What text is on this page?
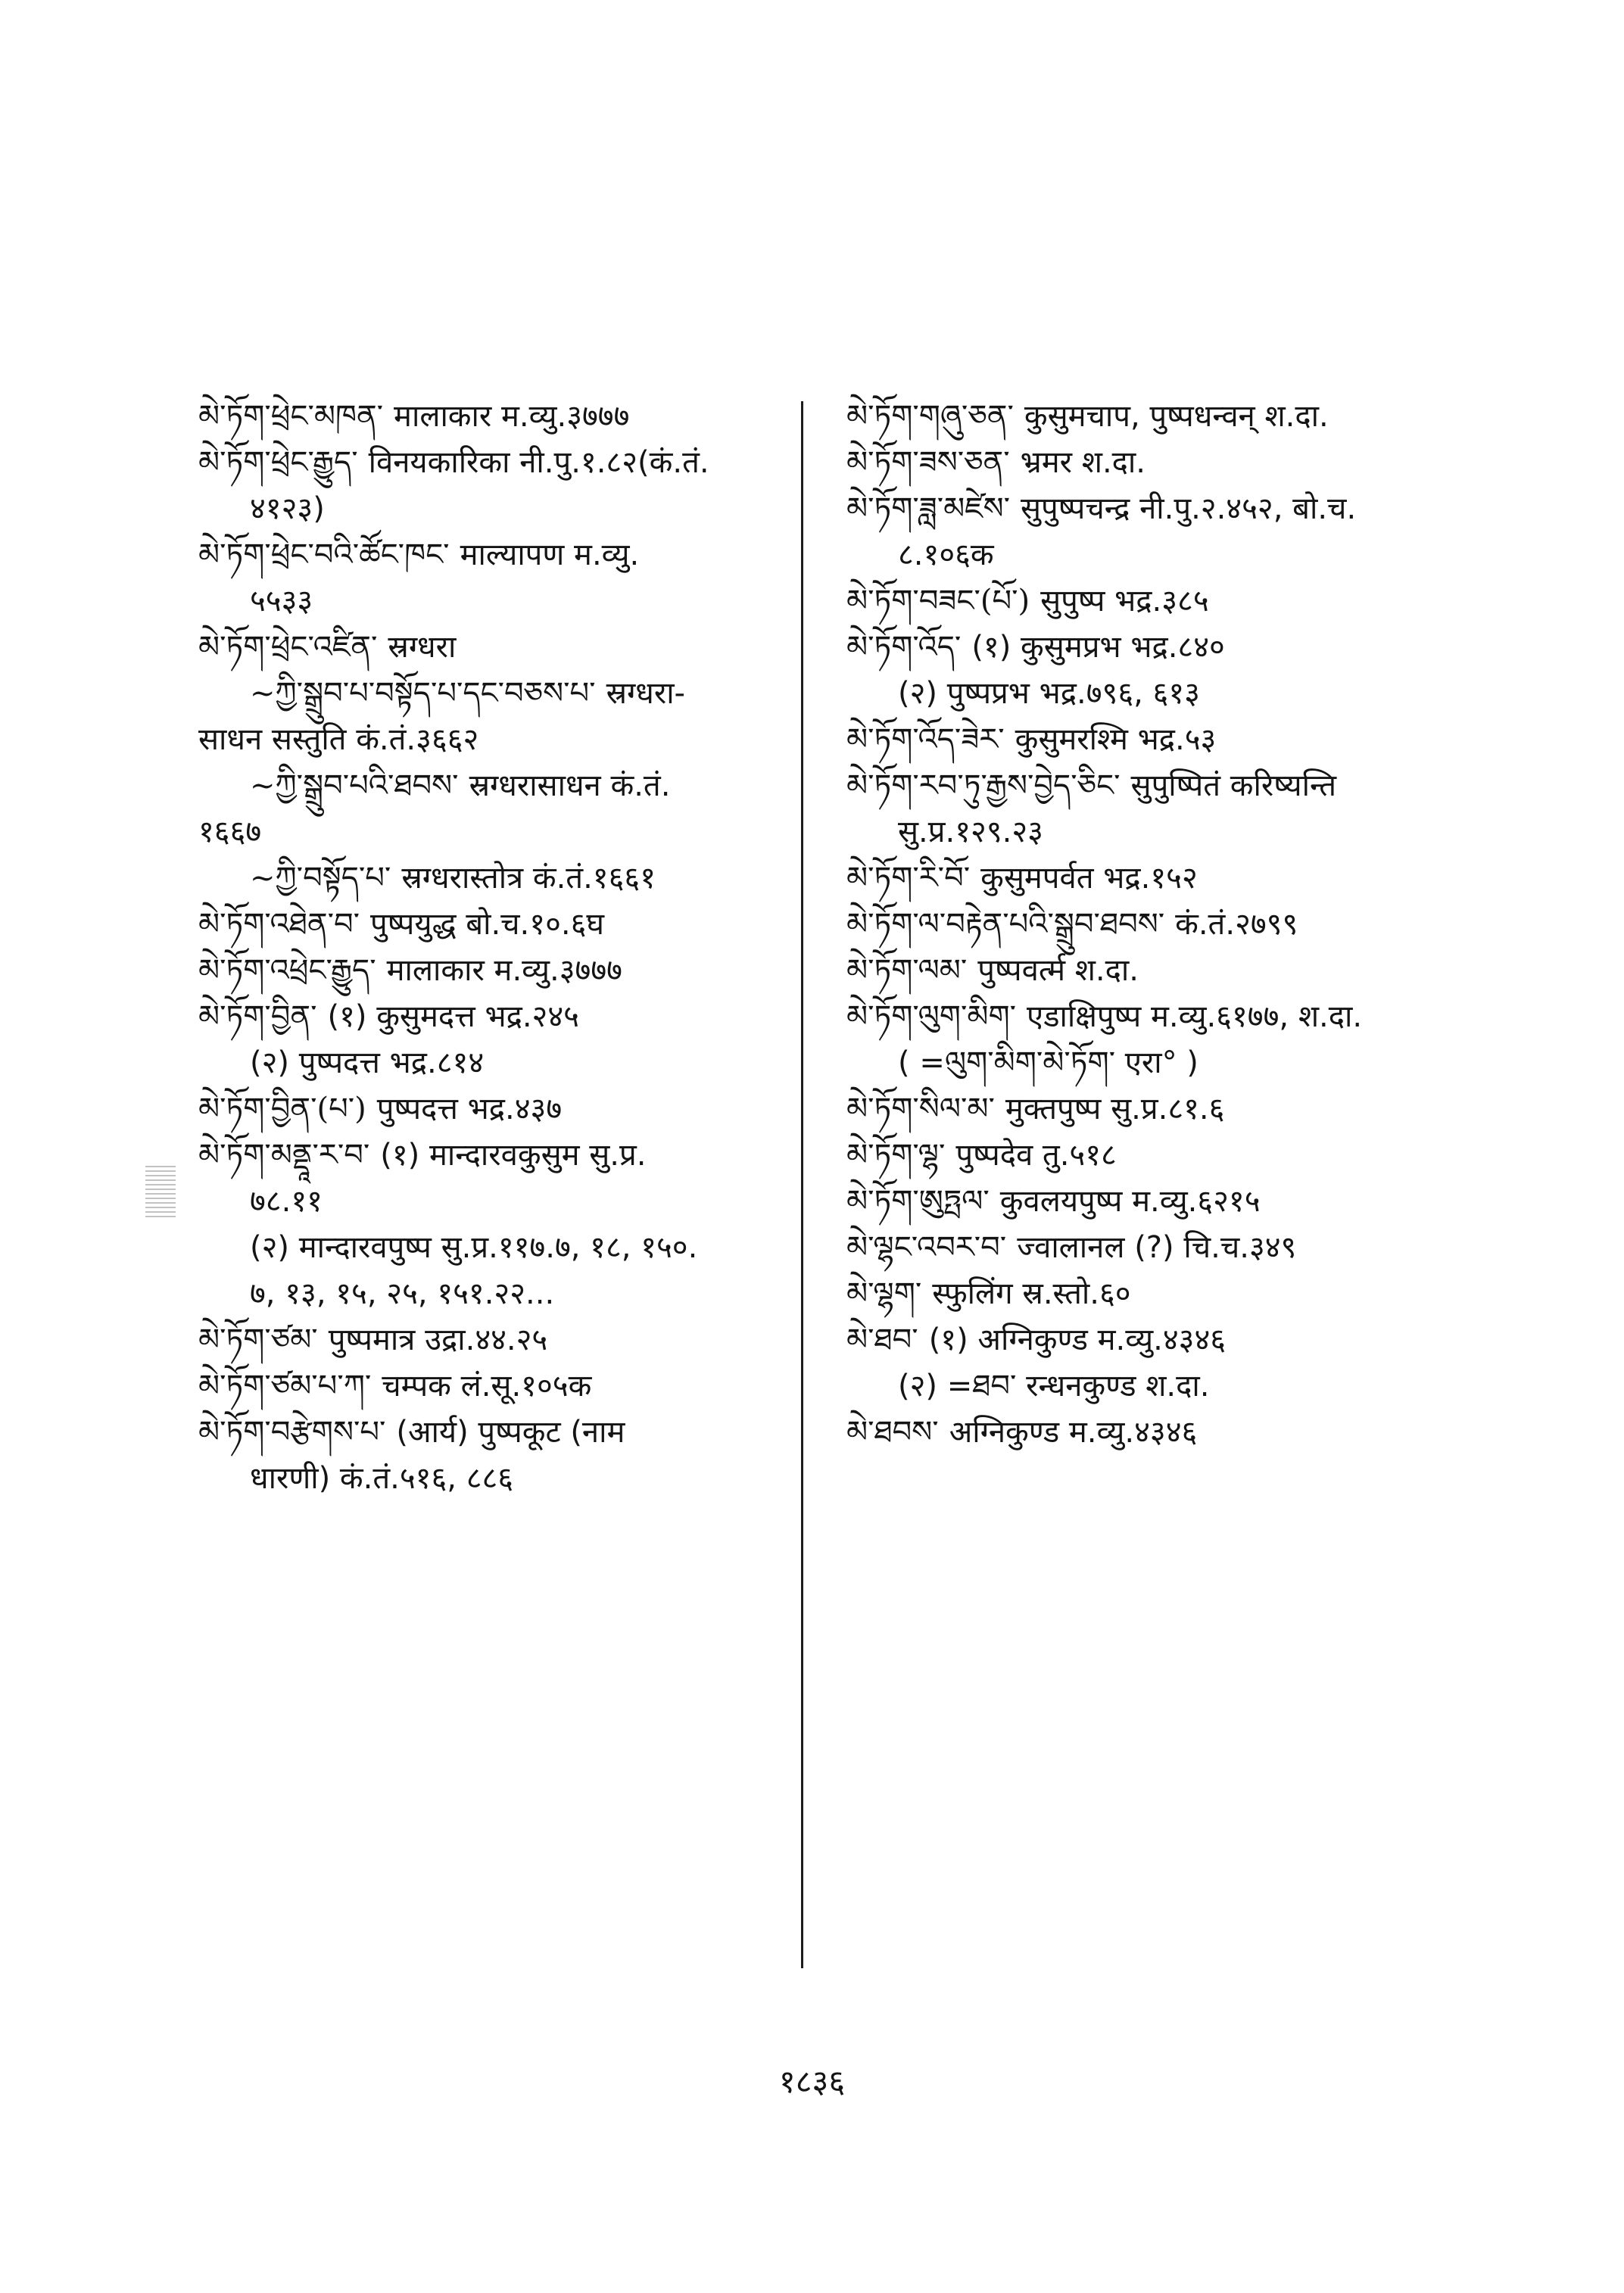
མེ་ཏོག་ཕྲེང་མཁན་ मालाकार म.व्यु.३७७७

མེ་ཏོག་ཕྲེང་རྒྱུད་ विनयकारिका नी.पु.१.८२(कं.तं.

४१२३)

མེ་ཏོག་ཕྲེང་བའི་ཚོང་ཁང་ माल्यापण म.व्यु.

५५३३

མེ་ཏོག་ཕྲེང་འཛིན་ स्रग्धरा

~ཀྱི་སྒྲུབ་པ་བསྟོད་པ་དང་བཅས་པ་ स्रग्धरा-

साधन सस्तुति कं.तं.३६६२

~ཀྱི་སྒྲུབ་པའི་ཐབས་ स्रग्धरासाधन कं.तं.

१६६७

~ཀྱི་བསྟོད་པ་ स्रग्धरास्तोत्र कं.तं.१६६१

མེ་ཏོག་འཐེན་བ་ पुष्पयुद्ध बो.च.१०.६घ

མེ་ཏོག་འཕྲེང་རྒྱུད་ मालाकार म.व्यु.३७७७

མེ་ཏོག་བྱིན་ (१) कुसुमदत्त भद्र.२४५

(२) पुष्पदत्त भद्र.८१४

མེ་ཏོག་བྱིན་(པ་) पुष्पदत्त भद्र.४३७

མེ་ཏོག་མནྡཱ་ར་བ་ (१) मान्दारवकुसुम सु.प्र.

७८.११

(२) मान्दारवपुष्प सु.प्र.११७.७, १८, १५०.

७, १३, १५, २५, १५१.२२...

མེ་ཏོག་ཙམ་ पुष्पमात्र उद्रा.४४.२५

མེ་ཏོག་ཙམ་པ་ཀ་ चम्पक लं.सू.१०५क

མེ་ཏོག་བརྩེགས་པ་ (आर्य) पुष्पकूट (नाम

धारणी) कं.तं.५१६, ८८६

མེ་ཏོག་གཞུ་ཅན་ कुसुमचाप, पुष्पधन्वन् श.दा.

མེ་ཏོག་ཟས་ཅན་ भ्रमर श.दा.

མེ་ཏོག་ཟླ་མཛེས་ सुपुष्पचन्द्र नी.पु.२.४५२, बो.च.

८.१०६क

མེ་ཏོག་བཟང་(པོ་) सुपुष्प भद्र.३८५

མེ་ཏོག་འོད་ (१) कुसुमप्रभ भद्र.८४०

(२) पुष्पप्रभ भद्र.७९६, ६१३

མེ་ཏོག་འོད་ཟེར་ कुसुमरश्मि भद्र.५३

མེ་ཏོག་རབ་ཏུ་རྒྱས་བྱེད་ཅིང་ सुपुष्पितं करिष्यन्ति

सु.प्र.१२९.२३

མེ་ཏོག་རི་བོ་ कुसुमपर्वत भद्र.१५२

མེ་ཏོག་ལ་བརྟེན་པའི་སྒྲུབ་ཐབས་ कं.तं.२७९९

མེ་ཏོག་ལམ་ पुष्पवर्त्म श.दा.

མེ་ཏོག་ལུག་མིག་ एडाक्षिपुष्प म.व्यु.६१७७, श.दा.

( =ལུག་མིག་མེ་ཏོག་ एरा° )

མེ་ཏོག་སིལ་མ་ मुक्तपुष्प सु.प्र.८१.६

མེ་ཏོག་ལྷ་ पुष्पदेव तु.५१८

མེ་ཏོག་ཨུཏྤལ་ कुवलयपुष्प म.व्यु.६२१५

མེ་ལྷང་འབར་བ་ ज्वालानल (?) चि.च.३४९

མེ་ལྷག་ स्फुलिंग स्र.स्तो.६०

མེ་ཐབ་ (१) अग्निकुण्ड म.व्यु.४३४६

(२) =ཐབ་ रन्धनकुण्ड श.दा.

མེ་ཐབས་ अग्निकुण्ड म.व्यु.४३४६

१८३६
